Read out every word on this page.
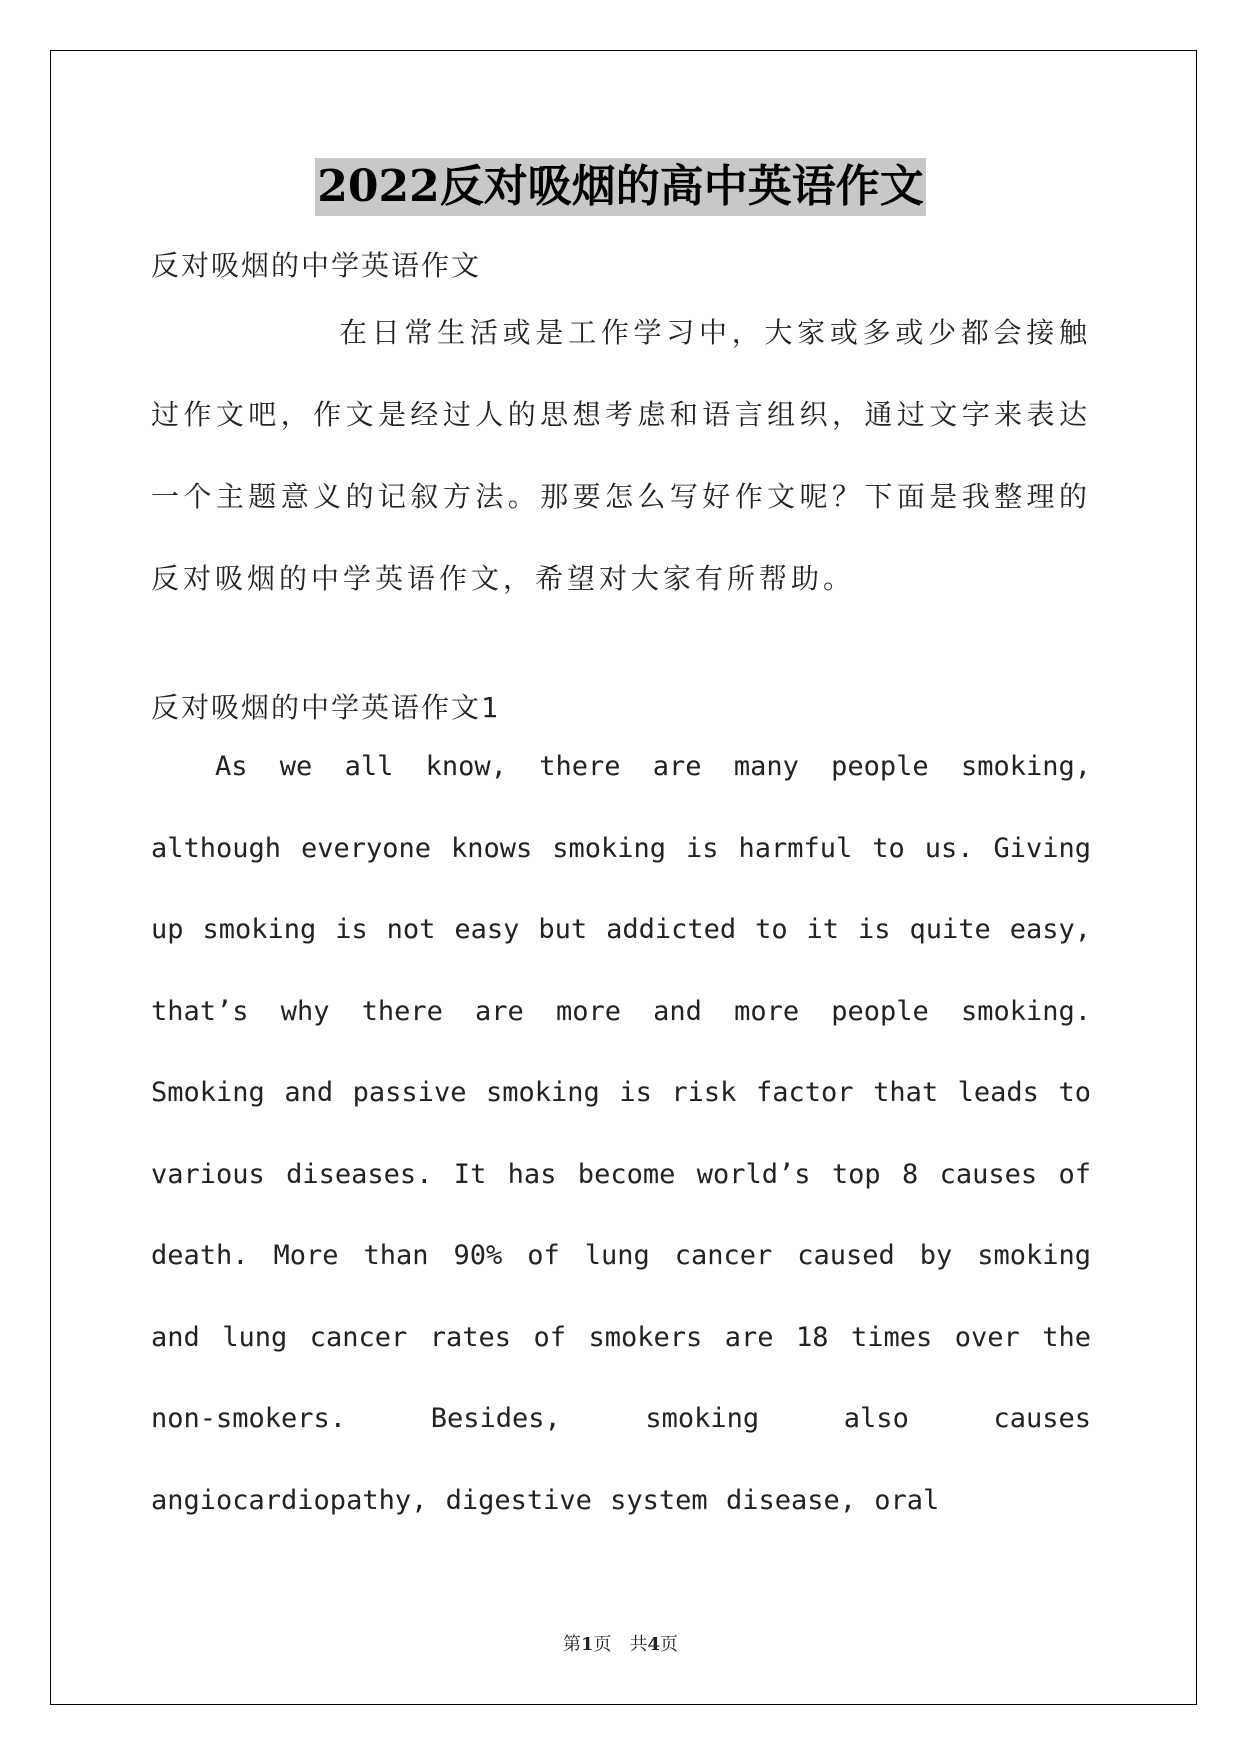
2022反对吸烟的高中英语作文

反对吸烟的中学英语作文

在日常生活或是工作学习中，大家或多或少都会接触过作文吧，作文是经过人的思想考虑和语言组织，通过文字来表达一个主题意义的记叙方法。那要怎么写好作文呢？下面是我整理的反对吸烟的中学英语作文，希望对大家有所帮助。

反对吸烟的中学英语作文1

As we all know, there are many people smoking, although everyone knows smoking is harmful to us. Giving up smoking is not easy but addicted to it is quite easy, that’s why there are more and more people smoking. Smoking and passive smoking is risk factor that leads to various diseases. It has become world’s top 8 causes of death. More than 90% of lung cancer caused by smoking and lung cancer rates of smokers are 18 times over the non-smokers. Besides, smoking also causes angiocardiopathy, digestive system disease, oral

第1页　共4页
